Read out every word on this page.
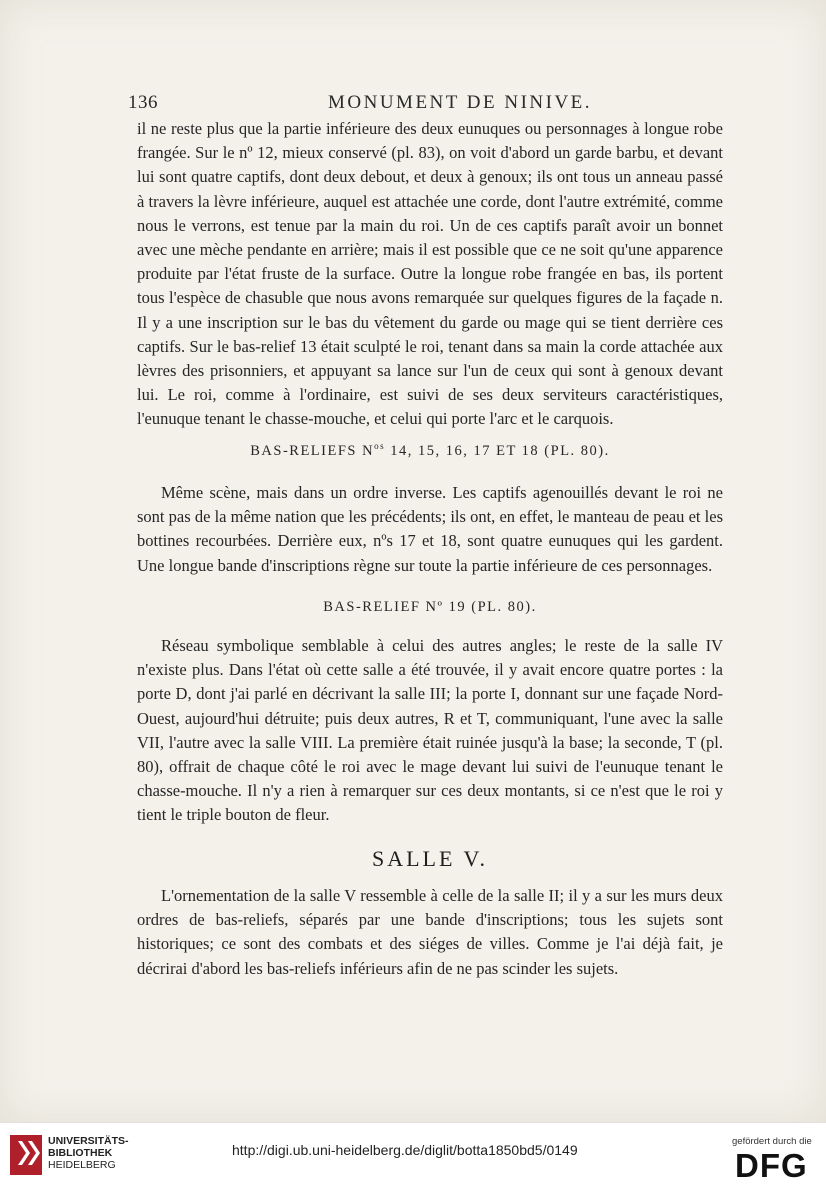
136	MONUMENT DE NINIVE.

il ne reste plus que la partie inférieure des deux eunuques ou personnages à longue robe frangée. Sur le nº 12, mieux conservé (pl. 83), on voit d'abord un garde barbu, et devant lui sont quatre captifs, dont deux debout, et deux à genoux; ils ont tous un anneau passé à travers la lèvre inférieure, auquel est attachée une corde, dont l'autre extrémité, comme nous le verrons, est tenue par la main du roi. Un de ces captifs paraît avoir un bonnet avec une mèche pendante en arrière; mais il est possible que ce ne soit qu'une apparence produite par l'état fruste de la surface. Outre la longue robe frangée en bas, ils portent tous l'espèce de chasuble que nous avons remarquée sur quelques figures de la façade n. Il y a une inscription sur le bas du vêtement du garde ou mage qui se tient derrière ces captifs. Sur le bas-relief 13 était sculpté le roi, tenant dans sa main la corde attachée aux lèvres des prisonniers, et appuyant sa lance sur l'un de ceux qui sont à genoux devant lui. Le roi, comme à l'ordinaire, est suivi de ses deux serviteurs caractéristiques, l'eunuque tenant le chasse-mouche, et celui qui porte l'arc et le carquois.

BAS-RELIEFS $N^{os}$ 14, 15, 16, 17 ET 18 (PL. 80).

Même scène, mais dans un ordre inverse. Les captifs agenouillés devant le roi ne sont pas de la même nation que les précédents; ils ont, en effet, le manteau de peau et les bottines recourbées. Derrière eux, nºs 17 et 18, sont quatre eunuques qui les gardent. Une longue bande d'inscriptions règne sur toute la partie inférieure de ces personnages.

BAS-RELIEF Nº 19 (PL. 80).

Réseau symbolique semblable à celui des autres angles; le reste de la salle IV n'existe plus. Dans l'état où cette salle a été trouvée, il y avait encore quatre portes : la porte D, dont j'ai parlé en décrivant la salle III; la porte I, donnant sur une façade Nord-Ouest, aujourd'hui détruite; puis deux autres, R et T, communiquant, l'une avec la salle VII, l'autre avec la salle VIII. La première était ruinée jusqu'à la base; la seconde, T (pl. 80), offrait de chaque côté le roi avec le mage devant lui suivi de l'eunuque tenant le chasse-mouche. Il n'y a rien à remarquer sur ces deux montants, si ce n'est que le roi y tient le triple bouton de fleur.

SALLE V.

L'ornementation de la salle V ressemble à celle de la salle II; il y a sur les murs deux ordres de bas-reliefs, séparés par une bande d'inscriptions; tous les sujets sont historiques; ce sont des combats et des siéges de villes. Comme je l'ai déjà fait, je décrirai d'abord les bas-reliefs inférieurs afin de ne pas scinder les sujets.

UNIVERSITÄTS-
BIBLIOTHEK
HEIDELBERG
http://digi.ub.uni-heidelberg.de/diglit/botta1850bd5/0149
gefördert durch die
DFG
